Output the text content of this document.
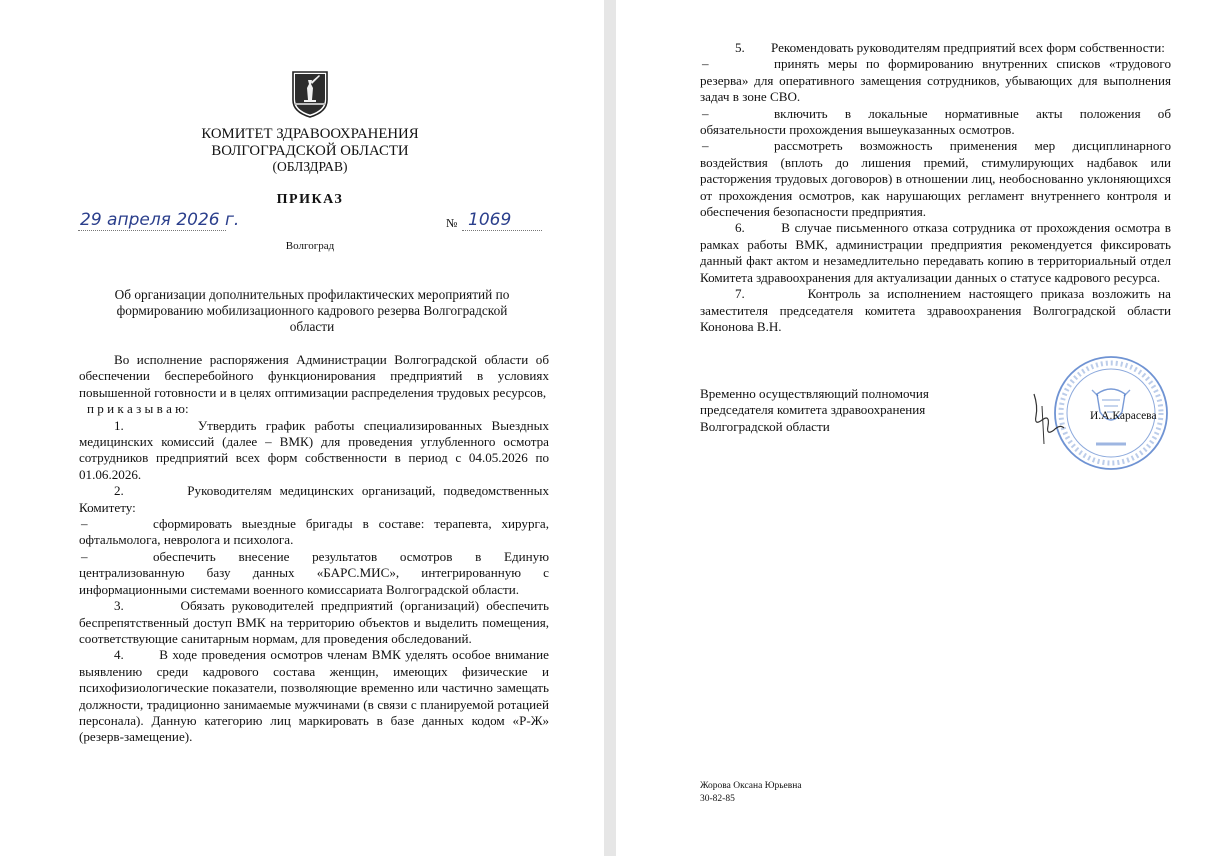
КОМИТЕТ ЗДРАВООХРАНЕНИЯ
ВОЛГОГРАДСКОЙ ОБЛАСТИ
(ОБЛЗДРАВ)
ПРИКАЗ
29 апреля 2026 г.	№ 1069
Волгоград
Об организации дополнительных профилактических мероприятий по формированию мобилизационного кадрового резерва Волгоградской области
Во исполнение распоряжения Администрации Волгоградской области об обеспечении бесперебойного функционирования предприятий в условиях повышенной готовности и в целях оптимизации распределения трудовых ресурсов,
п р и к а з ы в а ю:
1.        Утвердить график работы специализированных Выездных медицинских комиссий (далее – ВМК) для проведения углубленного осмотра сотрудников предприятий всех форм собственности в период с 04.05.2026 по 01.06.2026.
2.        Руководителям медицинских организаций, подведомственных Комитету:
–	сформировать выездные бригады в составе: терапевта, хирурга, офтальмолога, невролога и психолога.
–	обеспечить внесение результатов осмотров в Единую централизованную базу данных «БАРС.МИС», интегрированную с информационными системами военного комиссариата Волгоградской области.
3.        Обязать руководителей предприятий (организаций) обеспечить беспрепятственный доступ ВМК на территорию объектов и выделить помещения, соответствующие санитарным нормам, для проведения обследований.
4.        В ходе проведения осмотров членам ВМК уделять особое внимание выявлению среди кадрового состава женщин, имеющих физические и психофизиологические показатели, позволяющие временно или частично замещать должности, традиционно занимаемые мужчинами (в связи с планируемой ротацией персонала). Данную категорию лиц маркировать в базе данных кодом «Р-Ж» (резерв-замещение).
5.        Рекомендовать руководителям предприятий всех форм собственности:
–	принять меры по формированию внутренних списков «трудового резерва» для оперативного замещения сотрудников, убывающих для выполнения задач в зоне СВО.
–	включить в локальные нормативные акты положения об обязательности прохождения вышеуказанных осмотров.
–	рассмотреть возможность применения мер дисциплинарного воздействия (вплоть до лишения премий, стимулирующих надбавок или расторжения трудовых договоров) в отношении лиц, необоснованно уклоняющихся от прохождения осмотров, как нарушающих регламент внутреннего контроля и обеспечения безопасности предприятия.
6.        В случае письменного отказа сотрудника от прохождения осмотра в рамках работы ВМК, администрации предприятия рекомендуется фиксировать данный факт актом и незамедлительно передавать копию в территориальный отдел Комитета здравоохранения для актуализации данных о статусе кадрового ресурса.
7.        Контроль за исполнением настоящего приказа возложить на заместителя председателя комитета здравоохранения Волгоградской области Кононова В.Н.
Временно осуществляющий полномочия
председателя комитета здравоохранения
Волгоградской области
И.А.Карасева
Жорова Оксана Юрьевна
30-82-85
